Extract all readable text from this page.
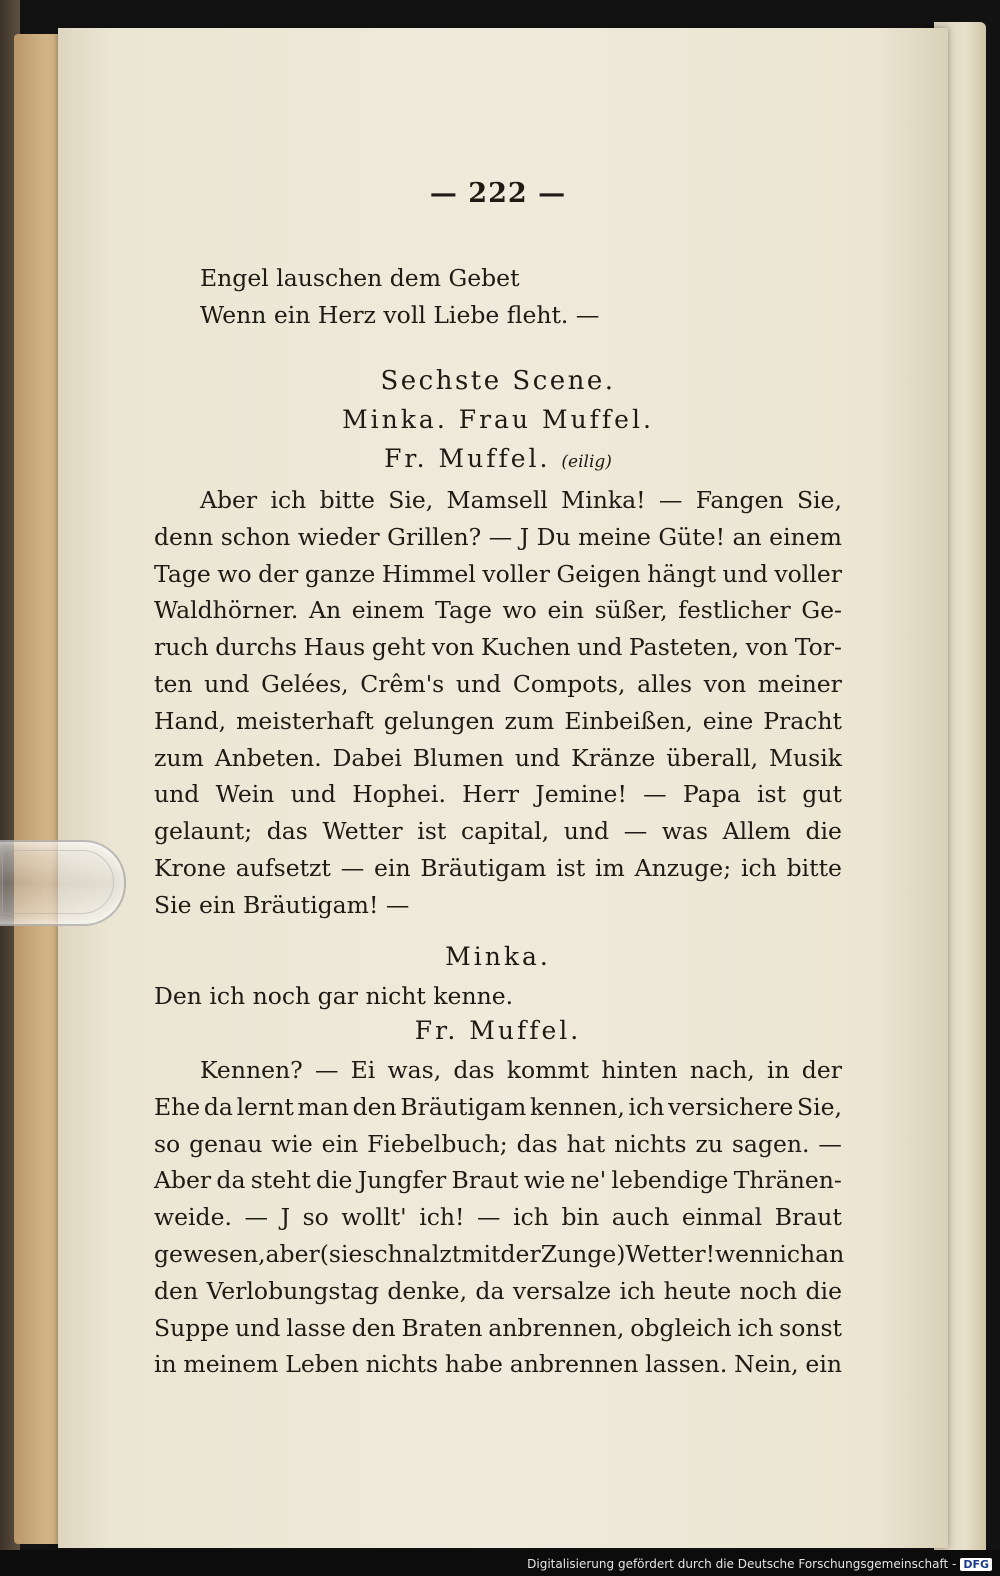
— 222 —
Engel lauschen dem Gebet
Wenn ein Herz voll Liebe fleht. —
Sechste Scene.
Minka. Frau Muffel.
Fr. Muffel. (eilig)
Aber ich bitte Sie, Mamsell Minka! — Fangen Sie,
denn schon wieder Grillen? — J Du meine Güte! an einem
Tage wo der ganze Himmel voller Geigen hängt und voller
Waldhörner. An einem Tage wo ein süßer, festlicher Ge-
ruch durchs Haus geht von Kuchen und Pasteten, von Tor-
ten und Gelées, Crêm's und Compots, alles von meiner
Hand, meisterhaft gelungen zum Einbeißen, eine Pracht
zum Anbeten. Dabei Blumen und Kränze überall, Musik
und Wein und Hophei. Herr Jemine! — Papa ist gut
gelaunt; das Wetter ist capital, und — was Allem die
Krone aufsetzt — ein Bräutigam ist im Anzuge; ich bitte
Sie ein Bräutigam! —
Minka.
Den ich noch gar nicht kenne.
Fr. Muffel.
Kennen? — Ei was, das kommt hinten nach, in der
Ehe da lernt man den Bräutigam kennen, ich versichere Sie,
so genau wie ein Fiebelbuch; das hat nichts zu sagen. —
Aber da steht die Jungfer Braut wie ne' lebendige Thränen-
weide. — J so wollt' ich! — ich bin auch einmal Braut
gewesen, aber (sie schnalzt mit der Zunge) Wetter! wenn ich an
den Verlobungstag denke, da versalze ich heute noch die
Suppe und lasse den Braten anbrennen, obgleich ich sonst
in meinem Leben nichts habe anbrennen lassen. Nein, ein
Digitalisierung gefördert durch die Deutsche Forschungsgemeinschaft - DFG
